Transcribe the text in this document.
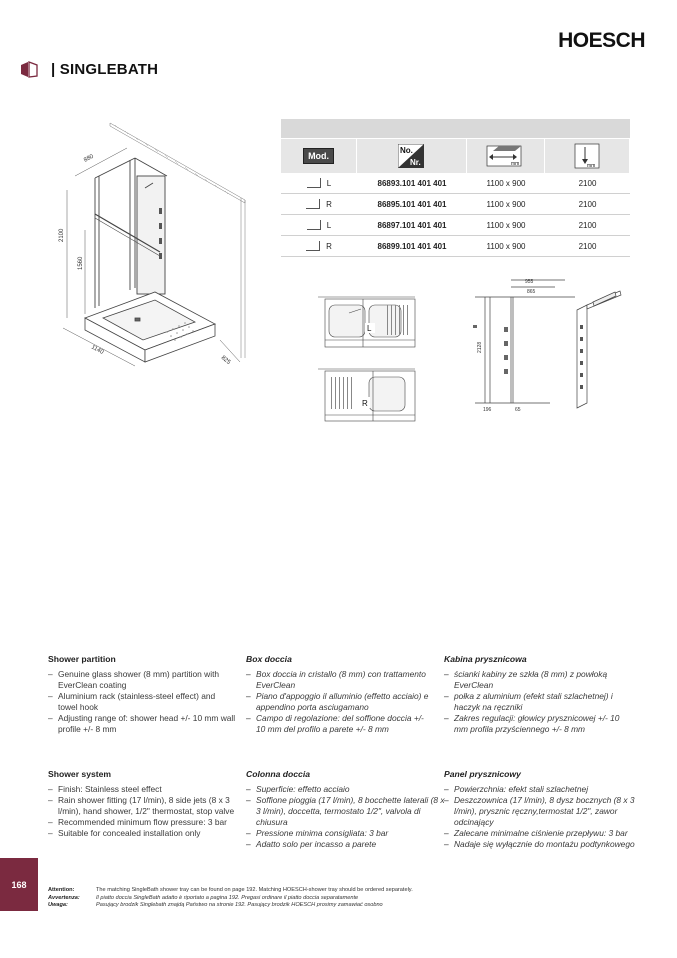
HOESCH
| SINGLEBATH
880
2100
1560
1140
825
Mod.
No.
Nr.	mm	mm
L	86893.101 401 401	1100 x 900	2100
R	86895.101 401 401	1100 x 900	2100
L	86897.101 401 401	1100 x 900	2100
R	86899.101 401 401	1100 x 900	2100
L
R
955
865
2128
196	65
Shower partition
– Genuine glass shower (8 mm) partition with EverClean coating
– Aluminium rack (stainless-steel effect) and towel hook
– Adjusting range of: shower head +/- 10 mm wall profile +/- 8 mm
Shower system
– Finish: Stainless steel effect
– Rain shower fitting (17 l/min), 8 side jets (8 x 3 l/min), hand shower, 1/2" thermostat, stop valve
– Recommended minimum flow pressure: 3 bar
– Suitable for concealed installation only
Box doccia
– Box doccia in cristallo (8 mm) con trattamento EverClean
– Piano d'appoggio il alluminio (effetto acciaio) e appendino porta asciugamano
– Campo di regolazione: del soffione doccia +/- 10 mm del profilo a parete +/- 8 mm
Colonna doccia
– Superficie: effetto acciaio
– Soffione pioggia (17 l/min), 8 bocchette laterali (8 x 3 l/min), doccetta, termostato 1/2", valvola di chiusura
– Pressione minima consigliata: 3 bar
– Adatto solo per incasso a parete
Kabina prysznicowa
– ścianki kabiny ze szkła (8 mm) z powłoką EverClean
– połka z aluminium (efekt stali szlachetnej) i haczyk na ręczniki
– Zakres regulacji: głowicy prysznicowej +/- 10 mm profila przyściennego +/- 8 mm
Panel prysznicowy
– Powierzchnia: efekt stali szlachetnej
– Deszczownica (17 l/min), 8 dysz bocznych (8 x 3 l/min), prysznic ręczny,termostat 1/2", zawor odcinający
– Zalecane minimalne ciśnienie przepływu: 3 bar
– Nadaje się wyłącznie do montażu podtynkowego
168	Attention:	The matching SingleBath shower tray can be found on page 192. Matching HOESCH-shower tray should be ordered separately.
Avvertenza:	Il piatto doccia SingleBath adatto è riportato a pagina 192. Pregasi ordinare il piatto doccia separatamente
Uwaga:	Pasujący brodzik Singlebath znajdą Państwo na stronie 192. Pasujący brodzik HOESCH prosimy zamawiać osobno
